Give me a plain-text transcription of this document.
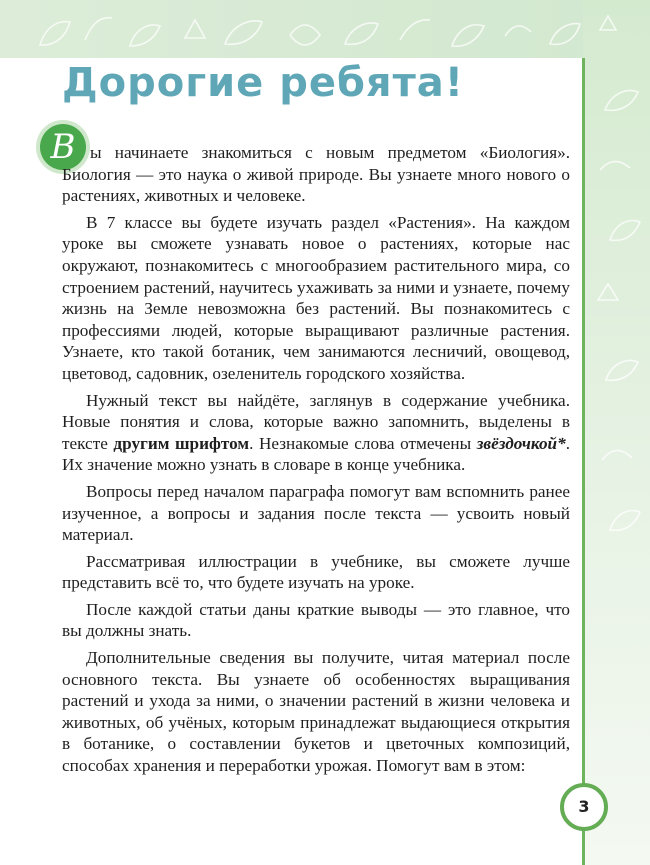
Дорогие ребята!
В ы начинаете знакомиться с новым предметом «Биология». Биология — это наука о живой природе. Вы узнаете много нового о растениях, животных и человеке.

В 7 классе вы будете изучать раздел «Растения». На каждом уроке вы сможете узнавать новое о растениях, которые нас окружают, познакомитесь с многообразием растительного мира, со строением растений, научитесь ухаживать за ними и узнаете, почему жизнь на Земле невозможна без растений. Вы познакомитесь с профессиями людей, которые выращивают различные растения. Узнаете, кто такой ботаник, чем занимаются лесничий, овощевод, цветовод, садовник, озеленитель городского хозяйства.

Нужный текст вы найдёте, заглянув в содержание учебника. Новые понятия и слова, которые важно запомнить, выделены в тексте другим шрифтом. Незнакомые слова отмечены звёздочкой*. Их значение можно узнать в словаре в конце учебника.

Вопросы перед началом параграфа помогут вам вспомнить ранее изученное, а вопросы и задания после текста — усвоить новый материал.

Рассматривая иллюстрации в учебнике, вы сможете лучше представить всё то, что будете изучать на уроке.

После каждой статьи даны краткие выводы — это главное, что вы должны знать.

Дополнительные сведения вы получите, читая материал после основного текста. Вы узнаете об особенностях выращивания растений и ухода за ними, о значении растений в жизни человека и животных, об учёных, которым принадлежат выдающиеся открытия в ботанике, о составлении букетов и цветочных композиций, способах хранения и переработки урожая. Помогут вам в этом:

3
